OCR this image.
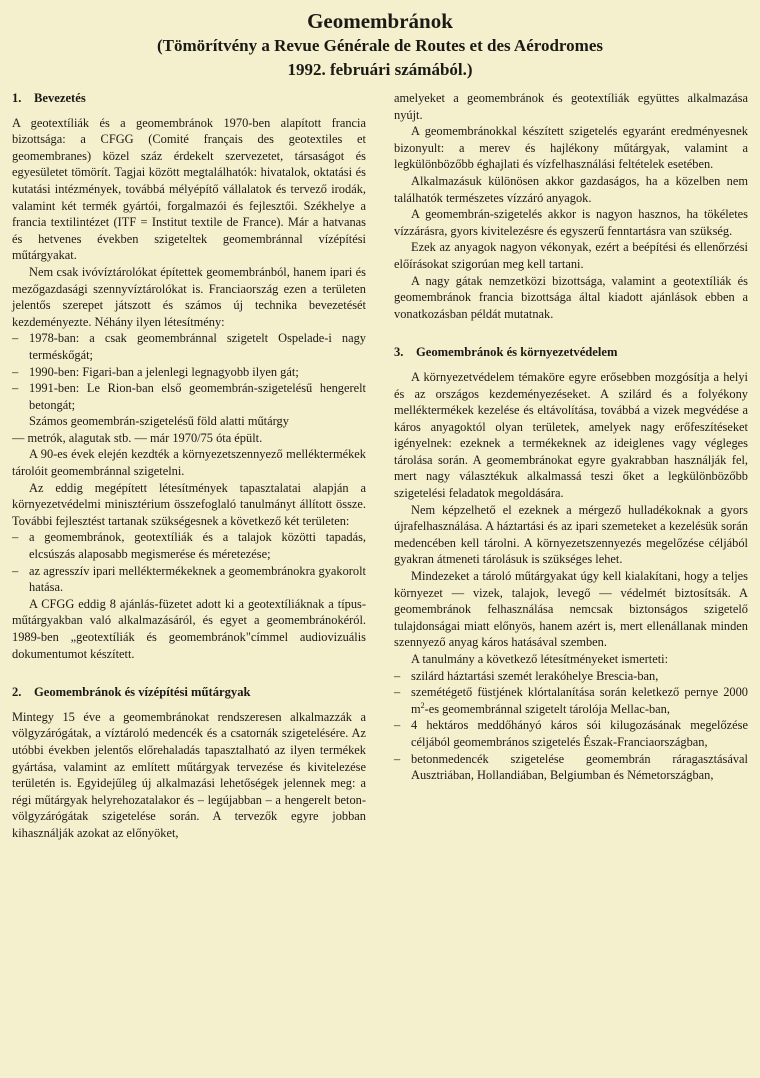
Geomembránok
(Tömörítvény a Revue Générale de Routes et des Aérodromes
1992. februári számából.)
1. Bevezetés

A geotextíliák és a geomembránok 1970-ben alapított francia bizottsága: a CFGG (Comité français des geotextiles et geomembranes) közel száz érdekelt szervezetet, társaságot és egyesületet tömörít. Tagjai között megtalálhatók: hivatalok, oktatási és kutatási intézmények, továbbá mélyépítő vállalatok és tervező irodák, valamint két termék gyártói, forgalmazói és fejlesztői. Székhelye a francia textilintézet (ITF = Institut textile de France). Már a hatvanas és hetvenes években szigeteltek geomembránnal vízépítési műtárgyakat.

Nem csak ivóvíztárolókat építettek geomembránból, hanem ipari és mezőgazdasági szennyvíztárolókat is. Franciaország ezen a területen jelentős szerepet játszott és számos új technika bevezetését kezdeményezte. Néhány ilyen létesítmény:

– 1978-ban: a csak geomembránnal szigetelt Ospelade-i nagy terméskőgát;

– 1990-ben: Figari-ban a jelenlegi legnagyobb ilyen gát;

– 1991-ben: Le Rion-ban első geomembrán-szigetelésű hengerelt betongát;

Számos geomembrán-szigetelésű föld alatti műtárgy

— metrók, alagutak stb. — már 1970/75 óta épült.

A 90-es évek elején kezdték a környezetszennyező melléktermékek tárolóit geomembránnal szigetelni.

Az eddig megépített létesítmények tapasztalatai alapján a környezetvédelmi minisztérium összefoglaló tanulmányt állított össze. További fejlesztést tartanak szükségesnek a következő két területen:

– a geomembránok, geotextíliák és a talajok közötti tapadás, elcsúszás alaposabb megismerése és méretezése;

– az agresszív ipari melléktermékeknek a geomembránokra gyakorolt hatása.

A CFGG eddig 8 ajánlás-füzetet adott ki a geotextíliáknak a típus-műtárgyakban való alkalmazásáról, és egyet a geomembránokéról. 1989-ben „geotextíliák és geomembránok"címmel audiovizuális dokumentumot készített.

2. Geomembránok és vízépítési műtárgyak

Mintegy 15 éve a geomembránokat rendszeresen alkalmazzák a völgyzárógátak, a víztároló medencék és a csatornák szigetelésére. Az utóbbi években jelentős előrehaladás tapasztalható az ilyen termékek gyártása, valamint az említett műtárgyak tervezése és kivitelezése területén is. Egyidejűleg új alkalmazási lehetőségek jelennek meg: a régi műtárgyak helyrehozatalakor és – legújabban – a hengerelt beton-völgyzárógátak szigetelése során. A tervezők egyre jobban kihasználják azokat az előnyöket,

amelyeket a geomembránok és geotextíliák együttes alkalmazása nyújt.

A geomembránokkal készített szigetelés egyaránt eredményesnek bizonyult: a merev és hajlékony műtárgyak, valamint a legkülönbözőbb éghajlati és vízfelhasználási feltételek esetében.

Alkalmazásuk különösen akkor gazdaságos, ha a közelben nem találhatók természetes vízzáró anyagok.

A geomembrán-szigetelés akkor is nagyon hasznos, ha tökéletes vízzárásra, gyors kivitelezésre és egyszerű fenntartásra van szükség.

Ezek az anyagok nagyon vékonyak, ezért a beépítési és ellenőrzési előírásokat szigorúan meg kell tartani.

A nagy gátak nemzetközi bizottsága, valamint a geotextíliák és geomembránok francia bizottsága által kiadott ajánlások ebben a vonatkozásban példát mutatnak.

3. Geomembránok és környezetvédelem

A környezetvédelem témaköre egyre erősebben mozgósítja a helyi és az országos kezdeményezéseket. A szilárd és a folyékony melléktermékek kezelése és eltávolítása, továbbá a vizek megvédése a káros anyagoktól olyan területek, amelyek nagy erőfeszítéseket igényelnek: ezeknek a termékeknek az ideiglenes vagy végleges tárolása során. A geomembránokat egyre gyakrabban használják fel, mert nagy választékuk alkalmassá teszi őket a legkülönbözőbb szigetelési feladatok megoldására.

Nem képzelhető el ezeknek a mérgező hulladékoknak a gyors újrafelhasználása. A háztartási és az ipari szemeteket a kezelésük során medencében kell tárolni. A környezetszennyezés megelőzése céljából gyakran átmeneti tárolásuk is szükséges lehet.

Mindezeket a tároló műtárgyakat úgy kell kialakítani, hogy a teljes környezet — vizek, talajok, levegő — védelmét biztosítsák. A geomembránok felhasználása nemcsak biztonságos szigetelő tulajdonságai miatt előnyös, hanem azért is, mert ellenállanak minden szennyező anyag káros hatásával szemben.

A tanulmány a következő létesítményeket ismerteti:

– szilárd háztartási szemét lerakóhelye Brescia-ban,

– szemétégető füstjének klórtalanítása során keletkező pernye 2000 $m^2-es$ geomembránnal szigetelt tárolója Mellac-ban,

– 4 hektáros meddőhányó káros sói kilugozásának megelőzése céljából geomembrános szigetelés Észak-Franciaországban,

– betonmedencék szigetelése geomembrán ráragasztásával Ausztriában, Hollandiában, Belgiumban és Németországban,
